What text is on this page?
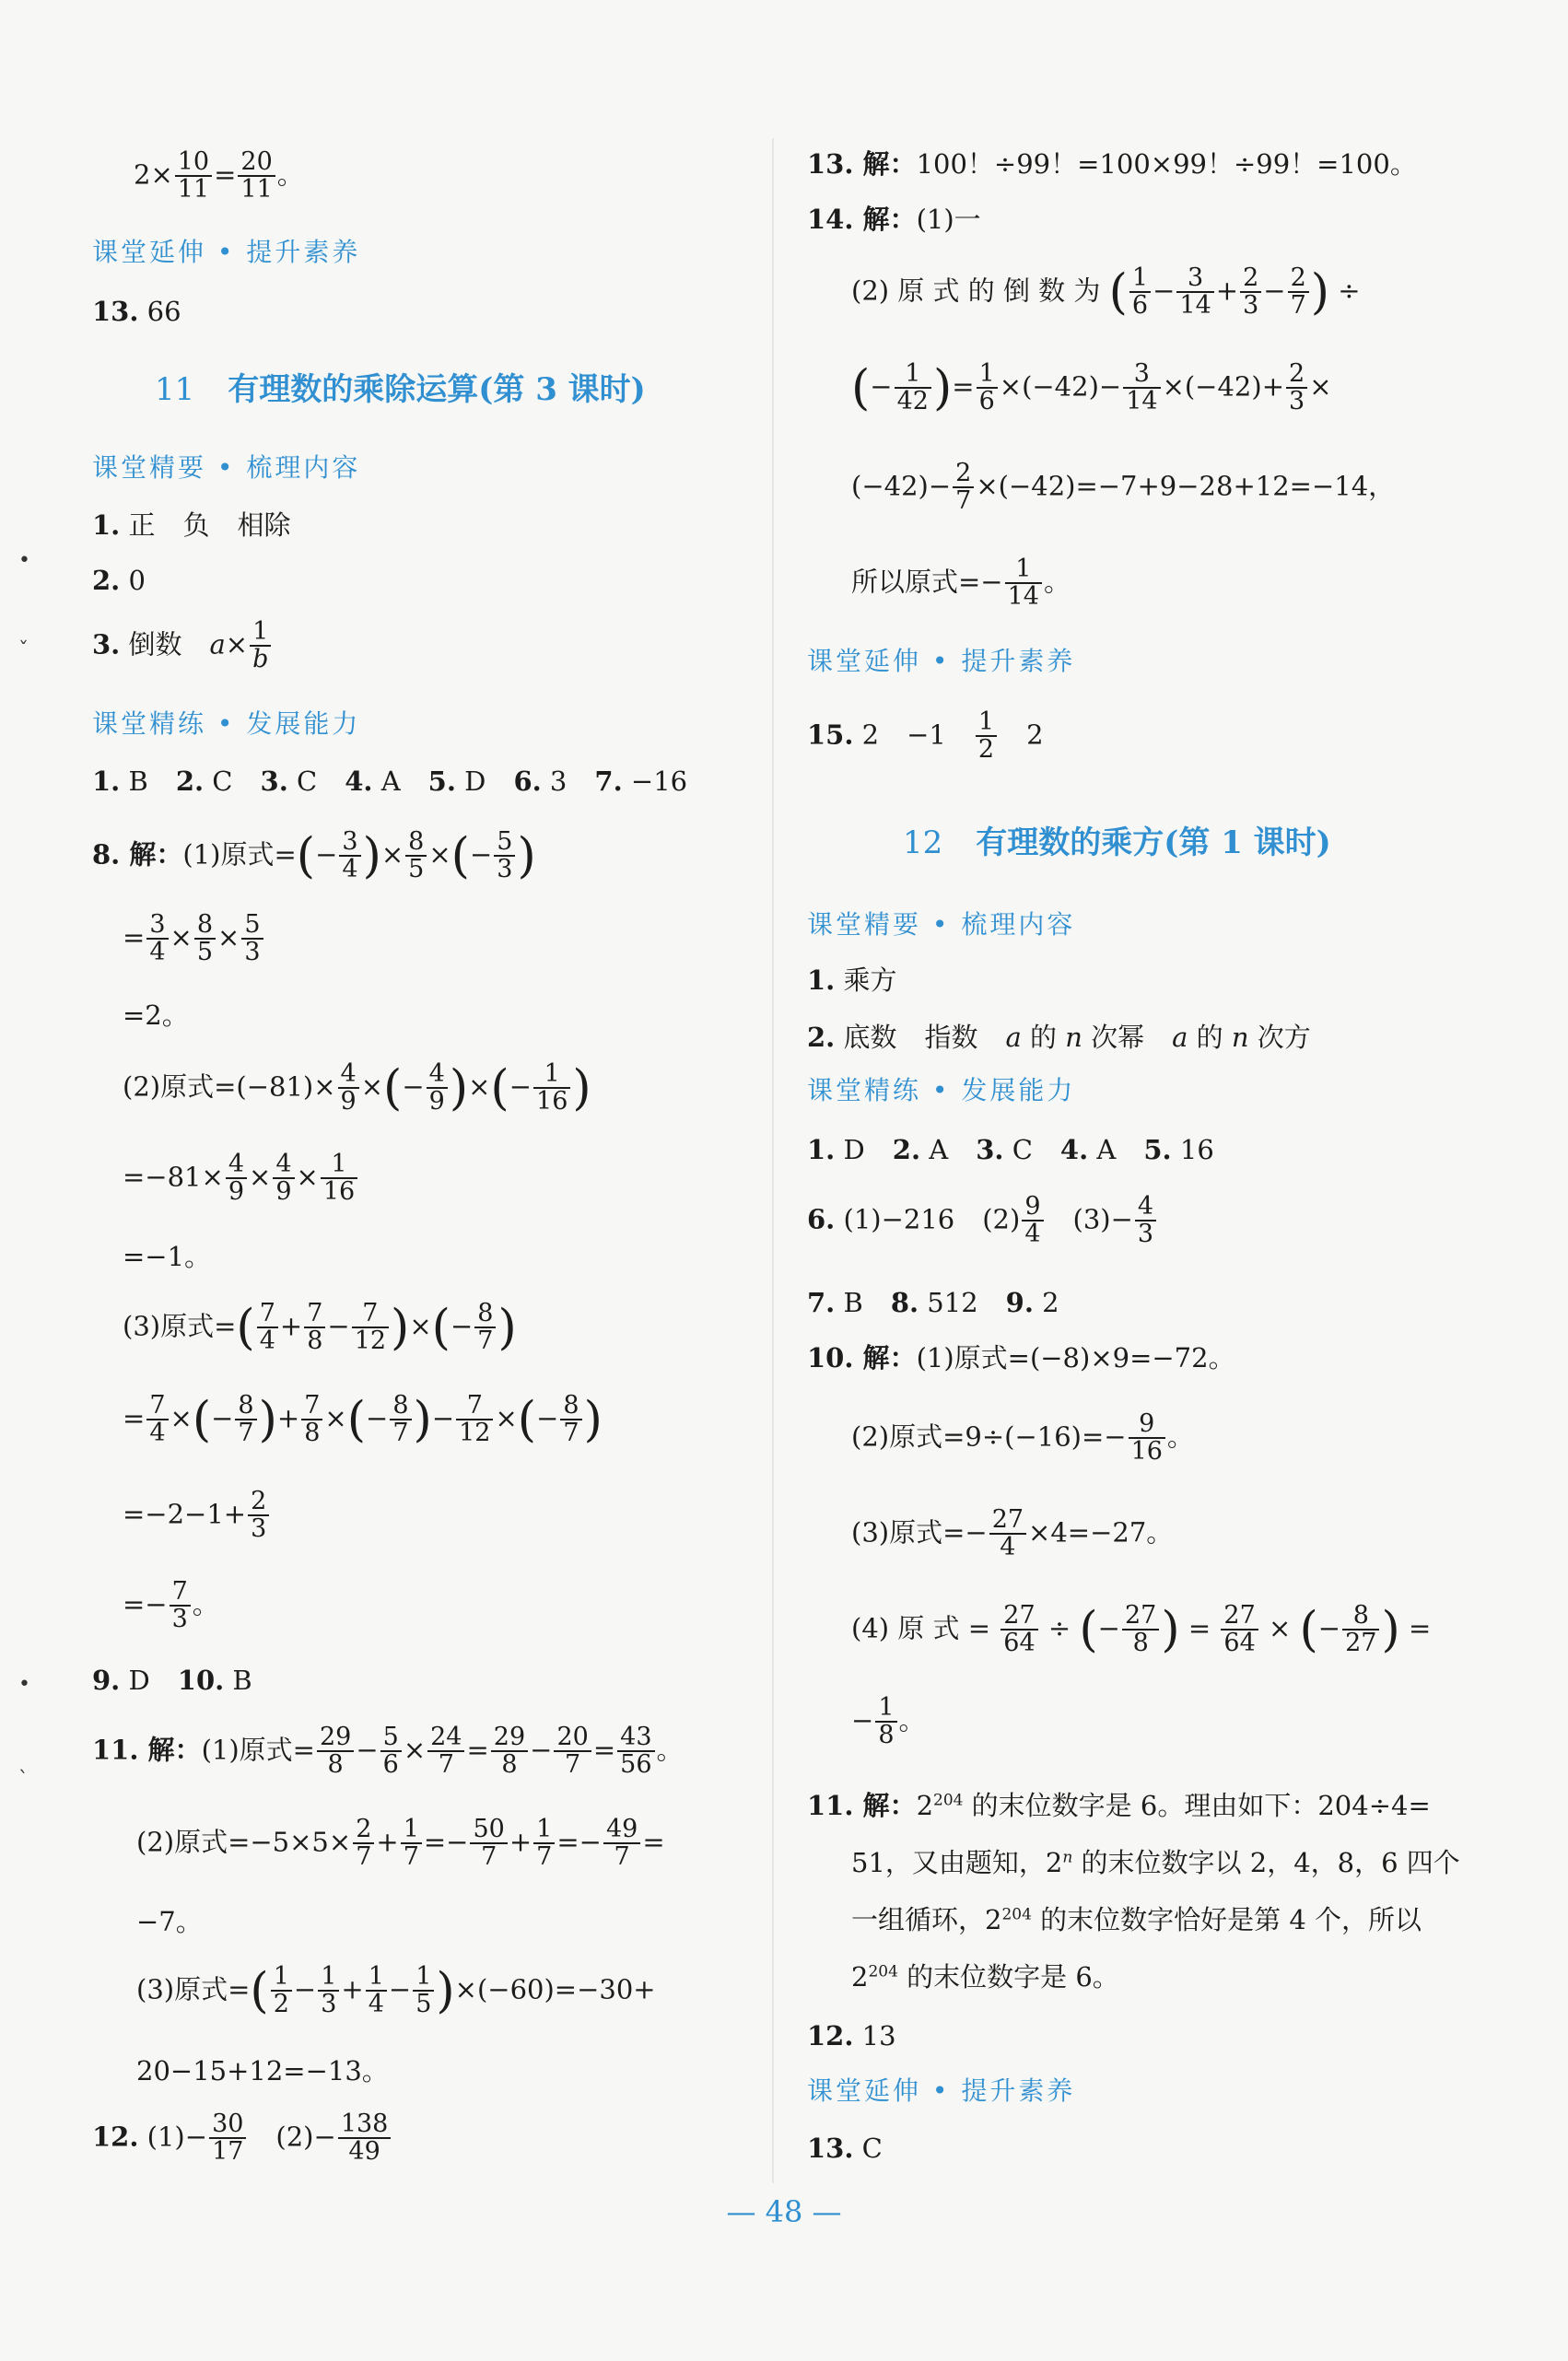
$2\times \frac{10}{11} = \frac{20}{11}$ 。
课堂延伸 • 提升素养
13. 66
11 有理数的乘除运算(第 3 课时)
课堂精要 • 梳理内容
1. 正 负 相除
2. 0
3. 倒数 $a\times \frac{1}{b}$
课堂精练 • 发展能力
1. B 2. C 3. C 4. A 5. D 6. 3 7. −16
8. 解：(1)原式=(− $\frac{3}{4}$ )× $\frac{8}{5}$ ×(− $\frac{5}{3}$ )
= $\frac{3}{4} \times \frac{8}{5} \times \frac{5}{3}$
=2。
(2)原式$=(-81)\times \frac{4}{9}$ ×(− $\frac{4}{9}$ )×(− $\frac{1}{16}$ )
$=-81\times \frac{4}{9} \times \frac{4}{9} \times \frac{1}{16}$
=−1。
(3)原式=( $\frac{7}{4} + \frac{7}{8} - \frac{7}{12}$ )×(− $\frac{8}{7}$ )
= $\frac{7}{4}$ ×(− $\frac{8}{7}$ )+ $\frac{7}{8}$ ×(− $\frac{8}{7}$ )− $\frac{7}{12}$ ×(− $\frac{8}{7}$ )
$=-2-1+ \frac{2}{3}$
=− $\frac{7}{3}$ 。
9. D 10. B
11. 解：(1)原式= $\frac{29}{8} - \frac{5}{6} \times \frac{24}{7} = \frac{29}{8} - \frac{20}{7} = \frac{43}{56}$ 。
(2)原式$=-5\times 5\times \frac{2}{7} + \frac{1}{7} =- \frac{50}{7} + \frac{1}{7} =- \frac{49}{7}$ =
−7。
(3)原式=( $\frac{1}{2} - \frac{1}{3} + \frac{1}{4} - \frac{1}{5} )\times(-60)=-30+$
20−15+12=−13。
12. $(1)- \frac{30}{17} (2)- \frac{138}{49}$
13. 解：100！÷99！=100×99！÷99！=100。
14. 解：(1)一
(2) 原 式 的 倒 数 为 ( $\frac{1}{6} - \frac{3}{14} + \frac{2}{3} - \frac{2}{7}$ ) ÷
(− $\frac{1}{42}$ )= $\frac{1}{6} \times(-42)- \frac{3}{14} \times(-42)+ \frac{2}{3}$ ×
$(-42)- \frac{2}{7} \times(-42)=-7+9-28+12=-14$，
所以原式=− $\frac{1}{14}$ 。
课堂延伸 • 提升素养
15. $2 -1 \frac{1}{2} 2$
12 有理数的乘方(第 1 课时)
课堂精要 • 梳理内容
1. 乘方
2. 底数 指数 a 的 n 次幂 a 的 n 次方
课堂精练 • 发展能力
1. D 2. A 3. C 4. A 5. 16
6. (1)−216 $(2) \frac{9}{4} (3)- \frac{4}{3}$
7. B 8. 512 9. 2
10. 解：(1)原式=(−8)×9=−72。
(2)原式$=9\div(-16)=- \frac{9}{16}$ 。
(3)原式=− $\frac{27}{4} \times 4=-27$。
(4) 原 式 = $\frac{27}{64}$ ÷ (− $\frac{27}{8}$ ) = $\frac{27}{64}$ × (− $\frac{8}{27}$ ) =
− $\frac{1}{8}$ 。
11. 解：$2^{204}$ 的末位数字是 6。理由如下：204÷4=
51，又由题知，2$^n$ 的末位数字以 2，4，8，6 四个
一组循环，$2^{204}$ 的末位数字恰好是第 4 个，所以
$2^{204}$ 的末位数字是 6。
12. 13
课堂延伸 • 提升素养
13. C
•
ˇ
•
ˋ
— 48 —
